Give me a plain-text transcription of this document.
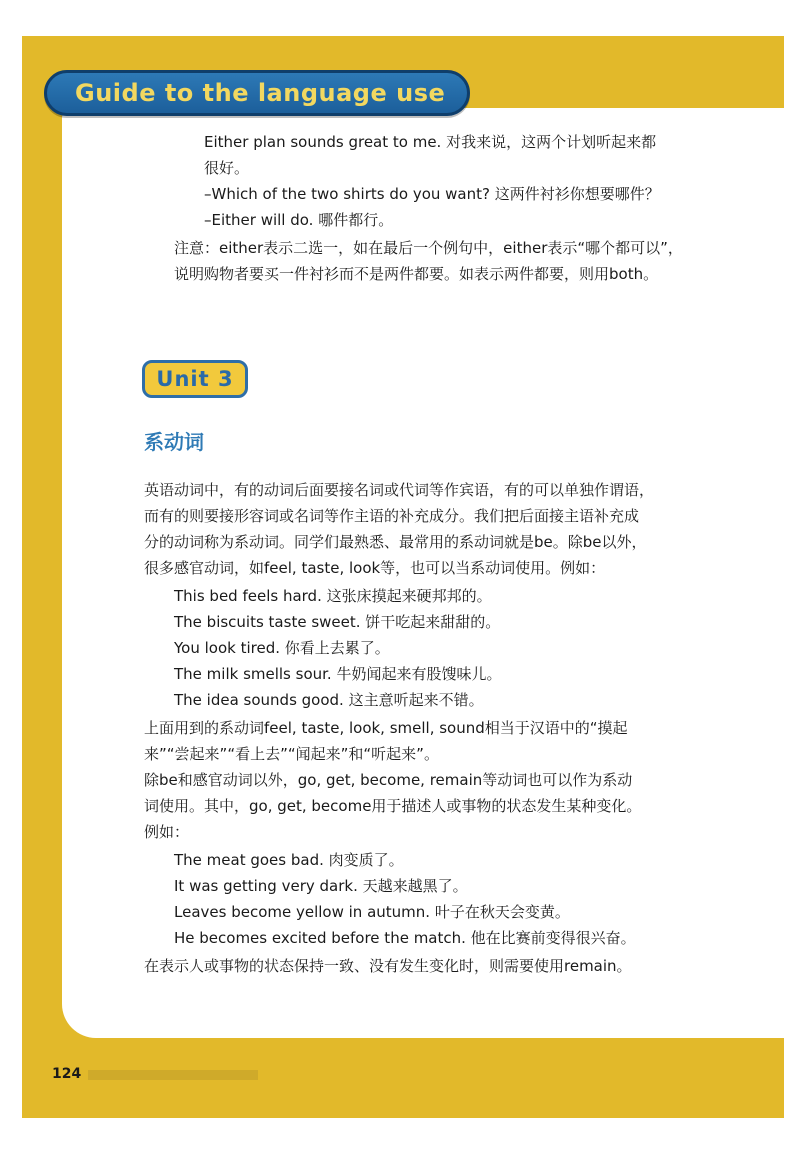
Guide to the language use
Either plan sounds great to me. 对我来说，这两个计划听起来都
很好。
–Which of the two shirts do you want? 这两件衬衫你想要哪件？
–Either will do. 哪件都行。
注意：either表示二选一，如在最后一个例句中，either表示“哪个都可以”，
说明购物者要买一件衬衫而不是两件都要。如表示两件都要，则用both。
Unit 3
系动词
英语动词中，有的动词后面要接名词或代词等作宾语，有的可以单独作谓语，
而有的则要接形容词或名词等作主语的补充成分。我们把后面接主语补充成
分的动词称为系动词。同学们最熟悉、最常用的系动词就是be。除be以外，
很多感官动词，如feel, taste, look等，也可以当系动词使用。例如：
This bed feels hard. 这张床摸起来硬邦邦的。
The biscuits taste sweet. 饼干吃起来甜甜的。
You look tired. 你看上去累了。
The milk smells sour. 牛奶闻起来有股馊味儿。
The idea sounds good. 这主意听起来不错。
上面用到的系动词feel, taste, look, smell, sound相当于汉语中的“摸起
来”“尝起来”“看上去”“闻起来”和“听起来”。
除be和感官动词以外，go, get, become, remain等动词也可以作为系动
词使用。其中，go, get, become用于描述人或事物的状态发生某种变化。
例如：
The meat goes bad. 肉变质了。
It was getting very dark. 天越来越黑了。
Leaves become yellow in autumn. 叶子在秋天会变黄。
He becomes excited before the match. 他在比赛前变得很兴奋。
在表示人或事物的状态保持一致、没有发生变化时，则需要使用remain。
124
